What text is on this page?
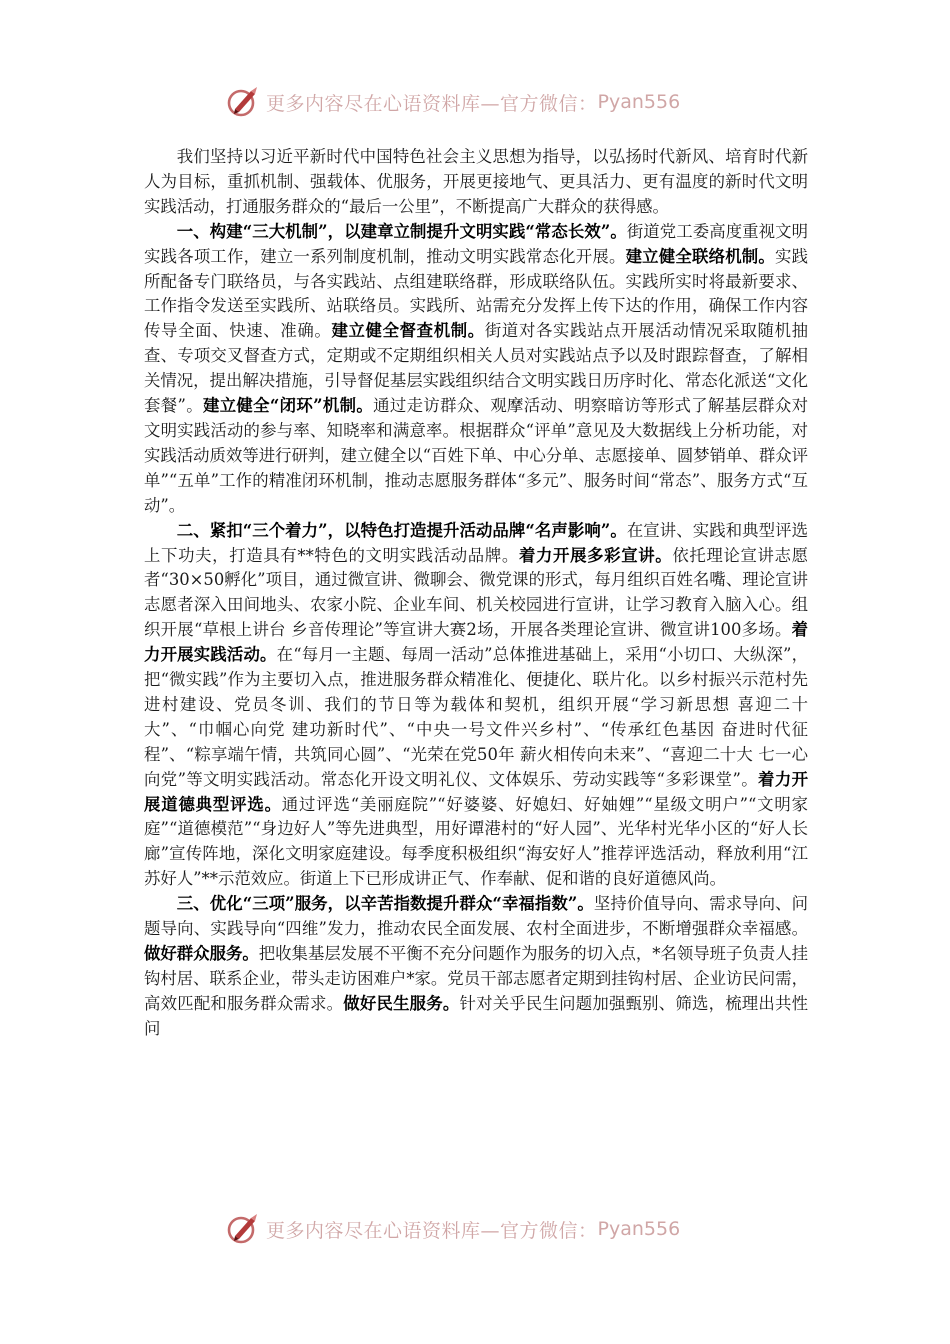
更多内容尽在心语资料库—官方微信： Pyan556

我们坚持以习近平新时代中国特色社会主义思想为指导，以弘扬时代新风、培育时代新人为目标，重抓机制、强载体、优服务，开展更接地气、更具活力、更有温度的新时代文明实践活动，打通服务群众的“最后一公里”，不断提高广大群众的获得感。

一、构建“三大机制”，以建章立制提升文明实践“常态长效”。街道党工委高度重视文明实践各项工作，建立一系列制度机制，推动文明实践常态化开展。建立健全联络机制。实践所配备专门联络员，与各实践站、点组建联络群，形成联络队伍。实践所实时将最新要求、工作指令发送至实践所、站联络员。实践所、站需充分发挥上传下达的作用，确保工作内容传导全面、快速、准确。建立健全督查机制。街道对各实践站点开展活动情况采取随机抽查、专项交叉督查方式，定期或不定期组织相关人员对实践站点予以及时跟踪督查，了解相关情况，提出解决措施，引导督促基层实践组织结合文明实践日历序时化、常态化派送“文化套餐”。建立健全“闭环”机制。通过走访群众、观摩活动、明察暗访等形式了解基层群众对文明实践活动的参与率、知晓率和满意率。根据群众“评单”意见及大数据线上分析功能，对实践活动质效等进行研判，建立健全以“百姓下单、中心分单、志愿接单、圆梦销单、群众评单”“五单”工作的精准闭环机制，推动志愿服务群体“多元”、服务时间“常态”、服务方式“互动”。

二、紧扣“三个着力”，以特色打造提升活动品牌“名声影响”。在宣讲、实践和典型评选上下功夫，打造具有**特色的文明实践活动品牌。着力开展多彩宣讲。依托理论宣讲志愿者“30×50孵化”项目，通过微宣讲、微聊会、微党课的形式，每月组织百姓名嘴、理论宣讲志愿者深入田间地头、农家小院、企业车间、机关校园进行宣讲，让学习教育入脑入心。组织开展“草根上讲台 乡音传理论”等宣讲大赛2场，开展各类理论宣讲、微宣讲100多场。着力开展实践活动。在“每月一主题、每周一活动”总体推进基础上，采用“小切口、大纵深”，把“微实践”作为主要切入点，推进服务群众精准化、便捷化、联片化。以乡村振兴示范村先进村建设、党员冬训、我们的节日等为载体和契机，组织开展“学习新思想 喜迎二十大”、“巾帼心向党 建功新时代”、“中央一号文件兴乡村”、“传承红色基因 奋进时代征程”、“粽享端午情，共筑同心圆”、“光荣在党50年 薪火相传向未来”、“喜迎二十大 七一心向党”等文明实践活动。常态化开设文明礼仪、文体娱乐、劳动实践等“多彩课堂”。着力开展道德典型评选。通过评选“美丽庭院”“好婆婆、好媳妇、好妯娌”“星级文明户”“文明家庭”“道德模范”“身边好人”等先进典型，用好谭港村的“好人园”、光华村光华小区的“好人长廊”宣传阵地，深化文明家庭建设。每季度积极组织“海安好人”推荐评选活动，释放利用“江苏好人”**示范效应。街道上下已形成讲正气、作奉献、促和谐的良好道德风尚。

三、优化“三项”服务，以辛苦指数提升群众“幸福指数”。坚持价值导向、需求导向、问题导向、实践导向“四维”发力，推动农民全面发展、农村全面进步，不断增强群众幸福感。做好群众服务。把收集基层发展不平衡不充分问题作为服务的切入点，*名领导班子负责人挂钩村居、联系企业，带头走访困难户*家。党员干部志愿者定期到挂钩村居、企业访民问需，高效匹配和服务群众需求。做好民生服务。针对关乎民生问题加强甄别、筛选，梳理出共性问

更多内容尽在心语资料库—官方微信： Pyan556
